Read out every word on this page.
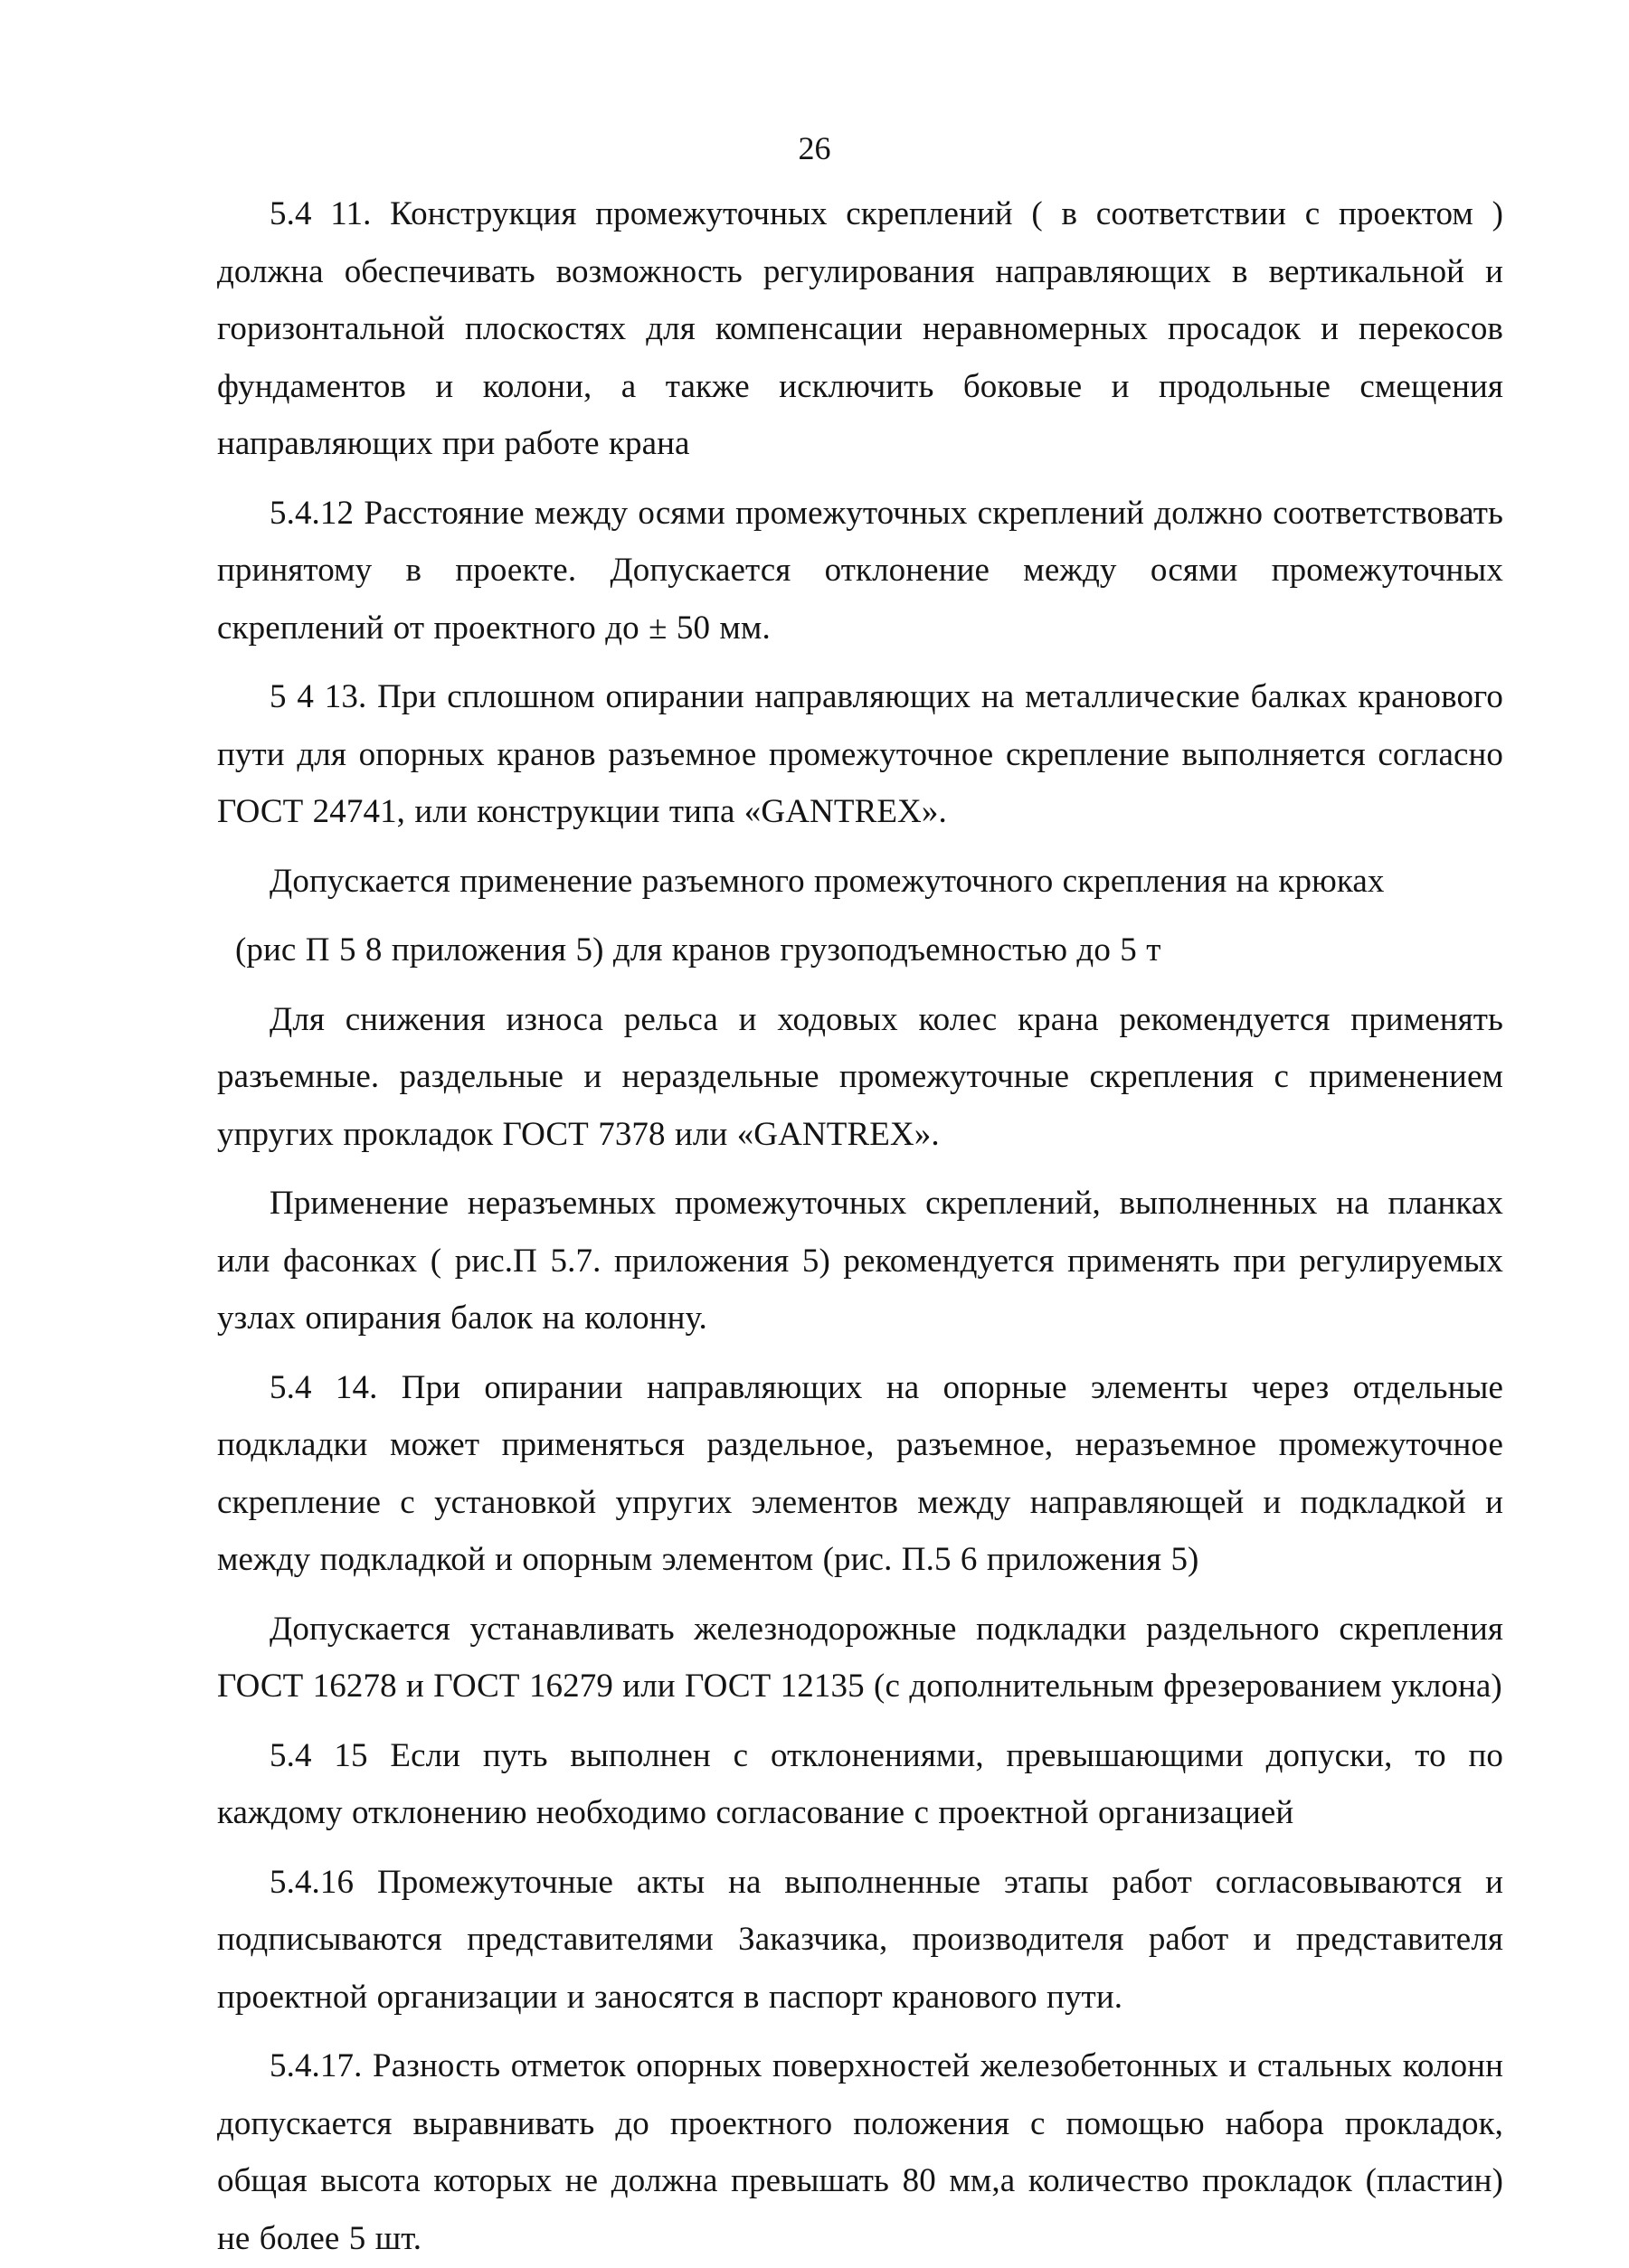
26

5.4 11. Конструкция промежуточных скреплений ( в соответствии с проектом ) должна обеспечивать возможность регулирования направляющих в вертикальной и горизонтальной плоскостях для компенсации неравномерных просадок и перекосов фундаментов и колони, а также исключить боковые и продольные смещения направляющих при работе крана

5.4.12 Расстояние между осями промежуточных скреплений должно соответствовать принятому в проекте. Допускается отклонение между осями промежуточных скреплений от проектного до ± 50 мм.

5 4 13. При сплошном опирании направляющих на металлические балках кранового пути для опорных кранов разъемное промежуточное скрепление выполняется согласно ГОСТ 24741, или конструкции типа «GANTREX».

Допускается применение разъемного промежуточного скрепления на крюках

(рис П 5 8 приложения 5) для кранов грузоподъемностью до 5 т

Для снижения износа рельса и ходовых колес крана рекомендуется применять разъемные. раздельные и нераздельные промежуточные скрепления с применением упругих прокладок ГОСТ 7378 или «GANTREX».

Применение неразъемных промежуточных скреплений, выполненных на планках или фасонках ( рис.П 5.7. приложения 5) рекомендуется применять при регулируемых узлах опирания балок на колонну.

5.4 14. При опирании направляющих на опорные элементы через отдельные подкладки может применяться раздельное, разъемное, неразъемное промежуточное скрепление с установкой упругих элементов между направляющей и подкладкой и между подкладкой и опорным элементом (рис. П.5 6 приложения 5)

Допускается устанавливать железнодорожные подкладки раздельного скрепления ГОСТ 16278 и ГОСТ 16279 или ГОСТ 12135 (с дополнительным фрезерованием уклона)

5.4 15 Если путь выполнен с отклонениями, превышающими допуски, то по каждому отклонению необходимо согласование с проектной организацией

5.4.16 Промежуточные акты на выполненные этапы работ согласовываются и подписываются представителями Заказчика, производителя работ и представителя проектной организации и заносятся в паспорт кранового пути.

5.4.17. Разность отметок опорных поверхностей железобетонных и стальных колонн допускается выравнивать до проектного положения с помощью набора прокладок, общая высота которых не должна превышать 80 мм,а количество прокладок (пластин) не более 5 шт.
